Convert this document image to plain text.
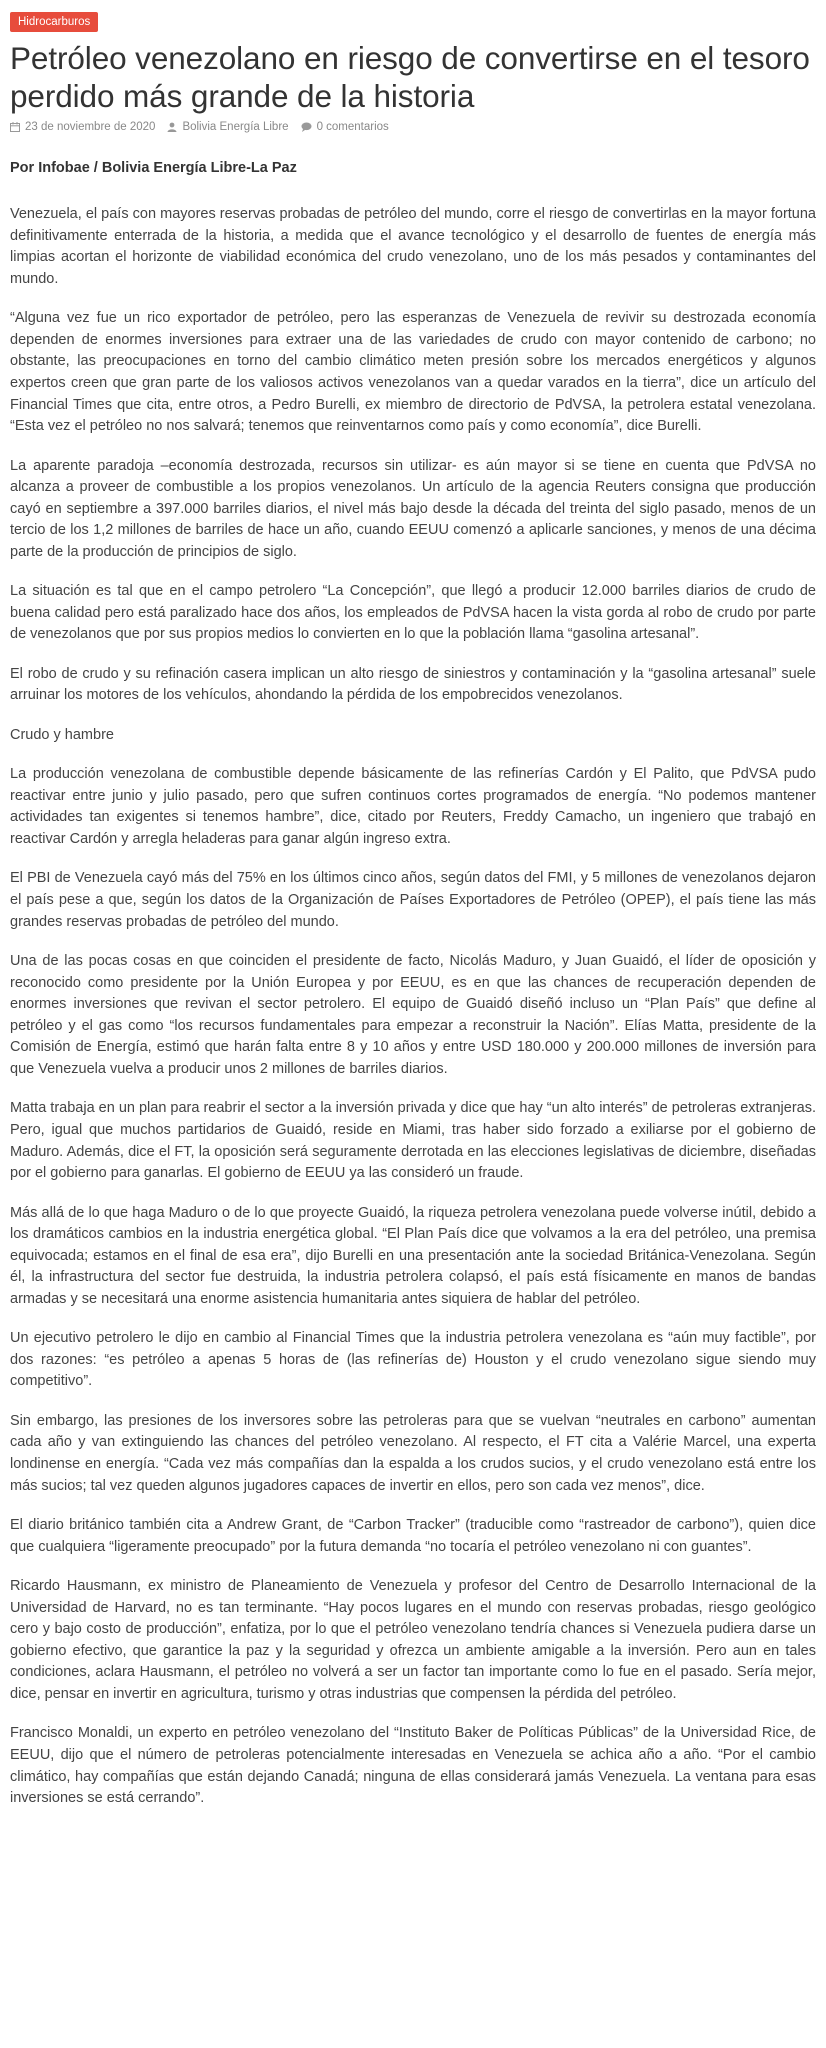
Hidrocarburos
Petróleo venezolano en riesgo de convertirse en el tesoro perdido más grande de la historia
23 de noviembre de 2020 Bolivia Energía Libre 0 comentarios
Por Infobae / Bolivia Energía Libre-La Paz

Venezuela, el país con mayores reservas probadas de petróleo del mundo, corre el riesgo de convertirlas en la mayor fortuna definitivamente enterrada de la historia, a medida que el avance tecnológico y el desarrollo de fuentes de energía más limpias acortan el horizonte de viabilidad económica del crudo venezolano, uno de los más pesados y contaminantes del mundo.

“Alguna vez fue un rico exportador de petróleo, pero las esperanzas de Venezuela de revivir su destrozada economía dependen de enormes inversiones para extraer una de las variedades de crudo con mayor contenido de carbono; no obstante, las preocupaciones en torno del cambio climático meten presión sobre los mercados energéticos y algunos expertos creen que gran parte de los valiosos activos venezolanos van a quedar varados en la tierra”, dice un artículo del Financial Times que cita, entre otros, a Pedro Burelli, ex miembro de directorio de PdVSA, la petrolera estatal venezolana. “Esta vez el petróleo no nos salvará; tenemos que reinventarnos como país y como economía”, dice Burelli.

La aparente paradoja –economía destrozada, recursos sin utilizar- es aún mayor si se tiene en cuenta que PdVSA no alcanza a proveer de combustible a los propios venezolanos. Un artículo de la agencia Reuters consigna que producción cayó en septiembre a 397.000 barriles diarios, el nivel más bajo desde la década del treinta del siglo pasado, menos de un tercio de los 1,2 millones de barriles de hace un año, cuando EEUU comenzó a aplicarle sanciones, y menos de una décima parte de la producción de principios de siglo.

La situación es tal que en el campo petrolero “La Concepción”, que llegó a producir 12.000 barriles diarios de crudo de buena calidad pero está paralizado hace dos años, los empleados de PdVSA hacen la vista gorda al robo de crudo por parte de venezolanos que por sus propios medios lo convierten en lo que la población llama “gasolina artesanal”.

El robo de crudo y su refinación casera implican un alto riesgo de siniestros y contaminación y la “gasolina artesanal” suele arruinar los motores de los vehículos, ahondando la pérdida de los empobrecidos venezolanos.

Crudo y hambre

La producción venezolana de combustible depende básicamente de las refinerías Cardón y El Palito, que PdVSA pudo reactivar entre junio y julio pasado, pero que sufren continuos cortes programados de energía. “No podemos mantener actividades tan exigentes si tenemos hambre”, dice, citado por Reuters, Freddy Camacho, un ingeniero que trabajó en reactivar Cardón y arregla heladeras para ganar algún ingreso extra.

El PBI de Venezuela cayó más del 75% en los últimos cinco años, según datos del FMI, y 5 millones de venezolanos dejaron el país pese a que, según los datos de la Organización de Países Exportadores de Petróleo (OPEP), el país tiene las más grandes reservas probadas de petróleo del mundo.

Una de las pocas cosas en que coinciden el presidente de facto, Nicolás Maduro, y Juan Guaidó, el líder de oposición y reconocido como presidente por la Unión Europea y por EEUU, es en que las chances de recuperación dependen de enormes inversiones que revivan el sector petrolero. El equipo de Guaidó diseñó incluso un “Plan País” que define al petróleo y el gas como “los recursos fundamentales para empezar a reconstruir la Nación”. Elías Matta, presidente de la Comisión de Energía, estimó que harán falta entre 8 y 10 años y entre USD 180.000 y 200.000 millones de inversión para que Venezuela vuelva a producir unos 2 millones de barriles diarios.

Matta trabaja en un plan para reabrir el sector a la inversión privada y dice que hay “un alto interés” de petroleras extranjeras. Pero, igual que muchos partidarios de Guaidó, reside en Miami, tras haber sido forzado a exiliarse por el gobierno de Maduro. Además, dice el FT, la oposición será seguramente derrotada en las elecciones legislativas de diciembre, diseñadas por el gobierno para ganarlas. El gobierno de EEUU ya las consideró un fraude.

Más allá de lo que haga Maduro o de lo que proyecte Guaidó, la riqueza petrolera venezolana puede volverse inútil, debido a los dramáticos cambios en la industria energética global. “El Plan País dice que volvamos a la era del petróleo, una premisa equivocada; estamos en el final de esa era”, dijo Burelli en una presentación ante la sociedad Británica-Venezolana. Según él, la infrastructura del sector fue destruida, la industria petrolera colapsó, el país está físicamente en manos de bandas armadas y se necesitará una enorme asistencia humanitaria antes siquiera de hablar del petróleo.

Un ejecutivo petrolero le dijo en cambio al Financial Times que la industria petrolera venezolana es “aún muy factible”, por dos razones: “es petróleo a apenas 5 horas de (las refinerías de) Houston y el crudo venezolano sigue siendo muy competitivo”.

Sin embargo, las presiones de los inversores sobre las petroleras para que se vuelvan “neutrales en carbono” aumentan cada año y van extinguiendo las chances del petróleo venezolano. Al respecto, el FT cita a Valérie Marcel, una experta londinense en energía. “Cada vez más compañías dan la espalda a los crudos sucios, y el crudo venezolano está entre los más sucios; tal vez queden algunos jugadores capaces de invertir en ellos, pero son cada vez menos”, dice.

El diario británico también cita a Andrew Grant, de “Carbon Tracker” (traducible como “rastreador de carbono”), quien dice que cualquiera “ligeramente preocupado” por la futura demanda “no tocaría el petróleo venezolano ni con guantes”.

Ricardo Hausmann, ex ministro de Planeamiento de Venezuela y profesor del Centro de Desarrollo Internacional de la Universidad de Harvard, no es tan terminante. “Hay pocos lugares en el mundo con reservas probadas, riesgo geológico cero y bajo costo de producción”, enfatiza, por lo que el petróleo venezolano tendría chances si Venezuela pudiera darse un gobierno efectivo, que garantice la paz y la seguridad y ofrezca un ambiente amigable a la inversión. Pero aun en tales condiciones, aclara Hausmann, el petróleo no volverá a ser un factor tan importante como lo fue en el pasado. Sería mejor, dice, pensar en invertir en agricultura, turismo y otras industrias que compensen la pérdida del petróleo.

Francisco Monaldi, un experto en petróleo venezolano del “Instituto Baker de Políticas Públicas” de la Universidad Rice, de EEUU, dijo que el número de petroleras potencialmente interesadas en Venezuela se achica año a año. “Por el cambio climático, hay compañías que están dejando Canadá; ninguna de ellas considerará jamás Venezuela. La ventana para esas inversiones se está cerrando”.
